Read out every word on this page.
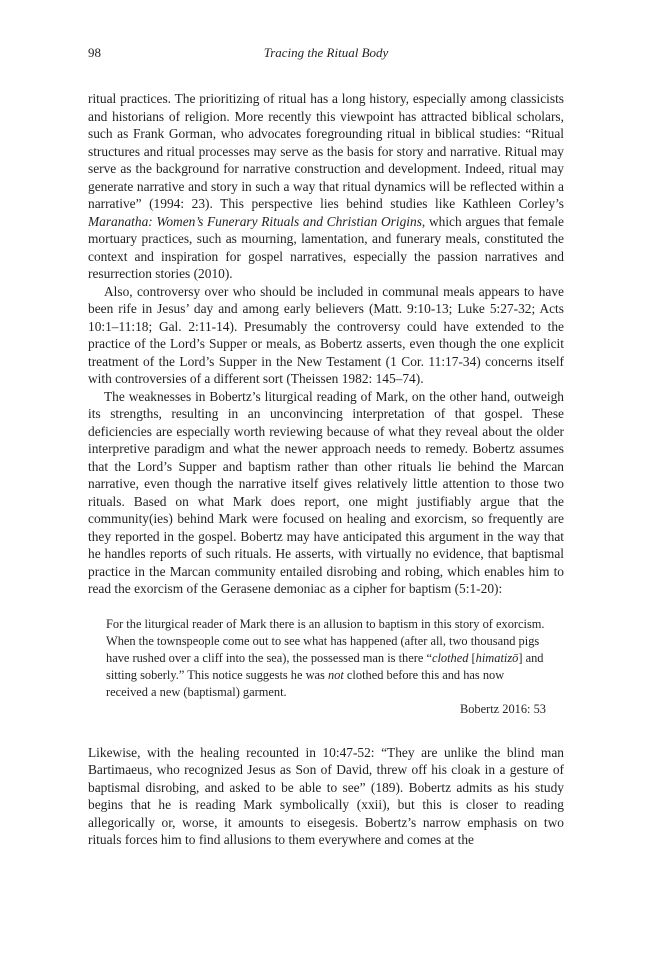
98	Tracing the Ritual Body

ritual practices. The prioritizing of ritual has a long history, especially among classicists and historians of religion. More recently this viewpoint has attracted biblical scholars, such as Frank Gorman, who advocates foregrounding ritual in biblical studies: “Ritual structures and ritual processes may serve as the basis for story and narrative. Ritual may serve as the background for narrative construction and development. Indeed, ritual may generate narrative and story in such a way that ritual dynamics will be reflected within a narrative” (1994: 23). This perspective lies behind studies like Kathleen Corley’s Maranatha: Women’s Funerary Rituals and Christian Origins, which argues that female mortuary practices, such as mourning, lamentation, and funerary meals, constituted the context and inspiration for gospel narratives, especially the passion narratives and resurrection stories (2010).

Also, controversy over who should be included in communal meals appears to have been rife in Jesus’ day and among early believers (Matt. 9:10-13; Luke 5:27-32; Acts 10:1–11:18; Gal. 2:11-14). Presumably the controversy could have extended to the practice of the Lord’s Supper or meals, as Bobertz asserts, even though the one explicit treatment of the Lord’s Supper in the New Testament (1 Cor. 11:17-34) concerns itself with controversies of a different sort (Theissen 1982: 145–74).

The weaknesses in Bobertz’s liturgical reading of Mark, on the other hand, outweigh its strengths, resulting in an unconvincing interpretation of that gospel. These deficiencies are especially worth reviewing because of what they reveal about the older interpretive paradigm and what the newer approach needs to remedy. Bobertz assumes that the Lord’s Supper and baptism rather than other rituals lie behind the Marcan narrative, even though the narrative itself gives relatively little attention to those two rituals. Based on what Mark does report, one might justifiably argue that the community(ies) behind Mark were focused on healing and exorcism, so frequently are they reported in the gospel. Bobertz may have anticipated this argument in the way that he handles reports of such rituals. He asserts, with virtually no evidence, that baptismal practice in the Marcan community entailed disrobing and robing, which enables him to read the exorcism of the Gerasene demoniac as a cipher for baptism (5:1-20):

For the liturgical reader of Mark there is an allusion to baptism in this story of exorcism. When the townspeople come out to see what has happened (after all, two thousand pigs have rushed over a cliff into the sea), the possessed man is there “clothed [himatizō] and sitting soberly.” This notice suggests he was not clothed before this and has now received a new (baptismal) garment.

Bobertz 2016: 53

Likewise, with the healing recounted in 10:47-52: “They are unlike the blind man Bartimaeus, who recognized Jesus as Son of David, threw off his cloak in a gesture of baptismal disrobing, and asked to be able to see” (189). Bobertz admits as his study begins that he is reading Mark symbolically (xxii), but this is closer to reading allegorically or, worse, it amounts to eisegesis. Bobertz’s narrow emphasis on two rituals forces him to find allusions to them everywhere and comes at the
